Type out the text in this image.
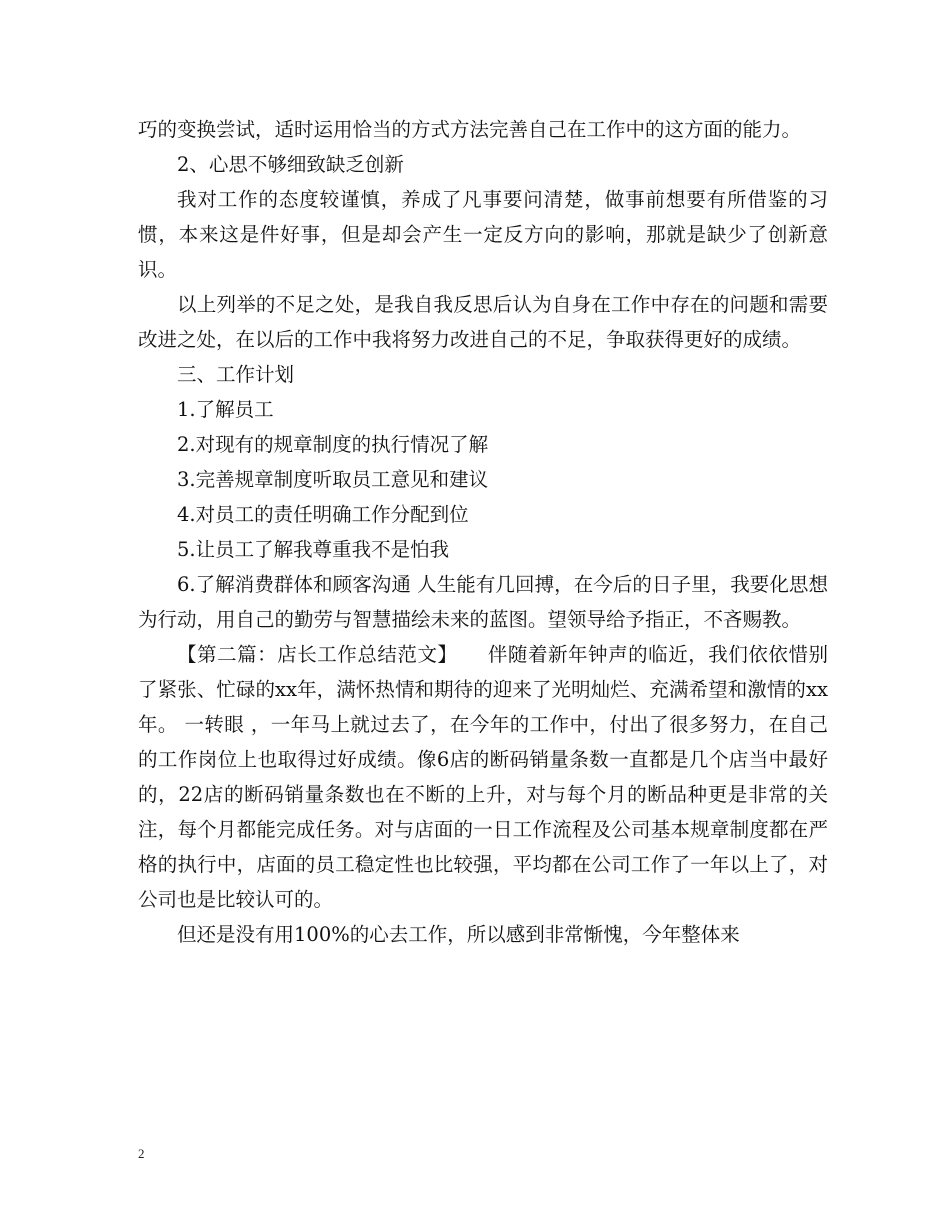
巧的变换尝试，适时运用恰当的方式方法完善自己在工作中的这方面的能力。

2、心思不够细致缺乏创新

我对工作的态度较谨慎，养成了凡事要问清楚，做事前想要有所借鉴的习惯，本来这是件好事，但是却会产生一定反方向的影响，那就是缺少了创新意识。

以上列举的不足之处，是我自我反思后认为自身在工作中存在的问题和需要改进之处，在以后的工作中我将努力改进自己的不足，争取获得更好的成绩。

三、工作计划

1.了解员工

2.对现有的规章制度的执行情况了解

3.完善规章制度听取员工意见和建议

4.对员工的责任明确工作分配到位

5.让员工了解我尊重我不是怕我

6.了解消费群体和顾客沟通 人生能有几回搏，在今后的日子里，我要化思想为行动，用自己的勤劳与智慧描绘未来的蓝图。望领导给予指正，不吝赐教。

【第二篇：店长工作总结范文】　　伴随着新年钟声的临近，我们依依惜别了紧张、忙碌的xx年，满怀热情和期待的迎来了光明灿烂、充满希望和激情的xx年。 一转眼 ，一年马上就过去了，在今年的工作中，付出了很多努力，在自己的工作岗位上也取得过好成绩。像6店的断码销量条数一直都是几个店当中最好的，22店的断码销量条数也在不断的上升，对与每个月的断品种更是非常的关注，每个月都能完成任务。对与店面的一日工作流程及公司基本规章制度都在严格的执行中，店面的员工稳定性也比较强，平均都在公司工作了一年以上了，对公司也是比较认可的。

但还是没有用100%的心去工作，所以感到非常惭愧，今年整体来

2
